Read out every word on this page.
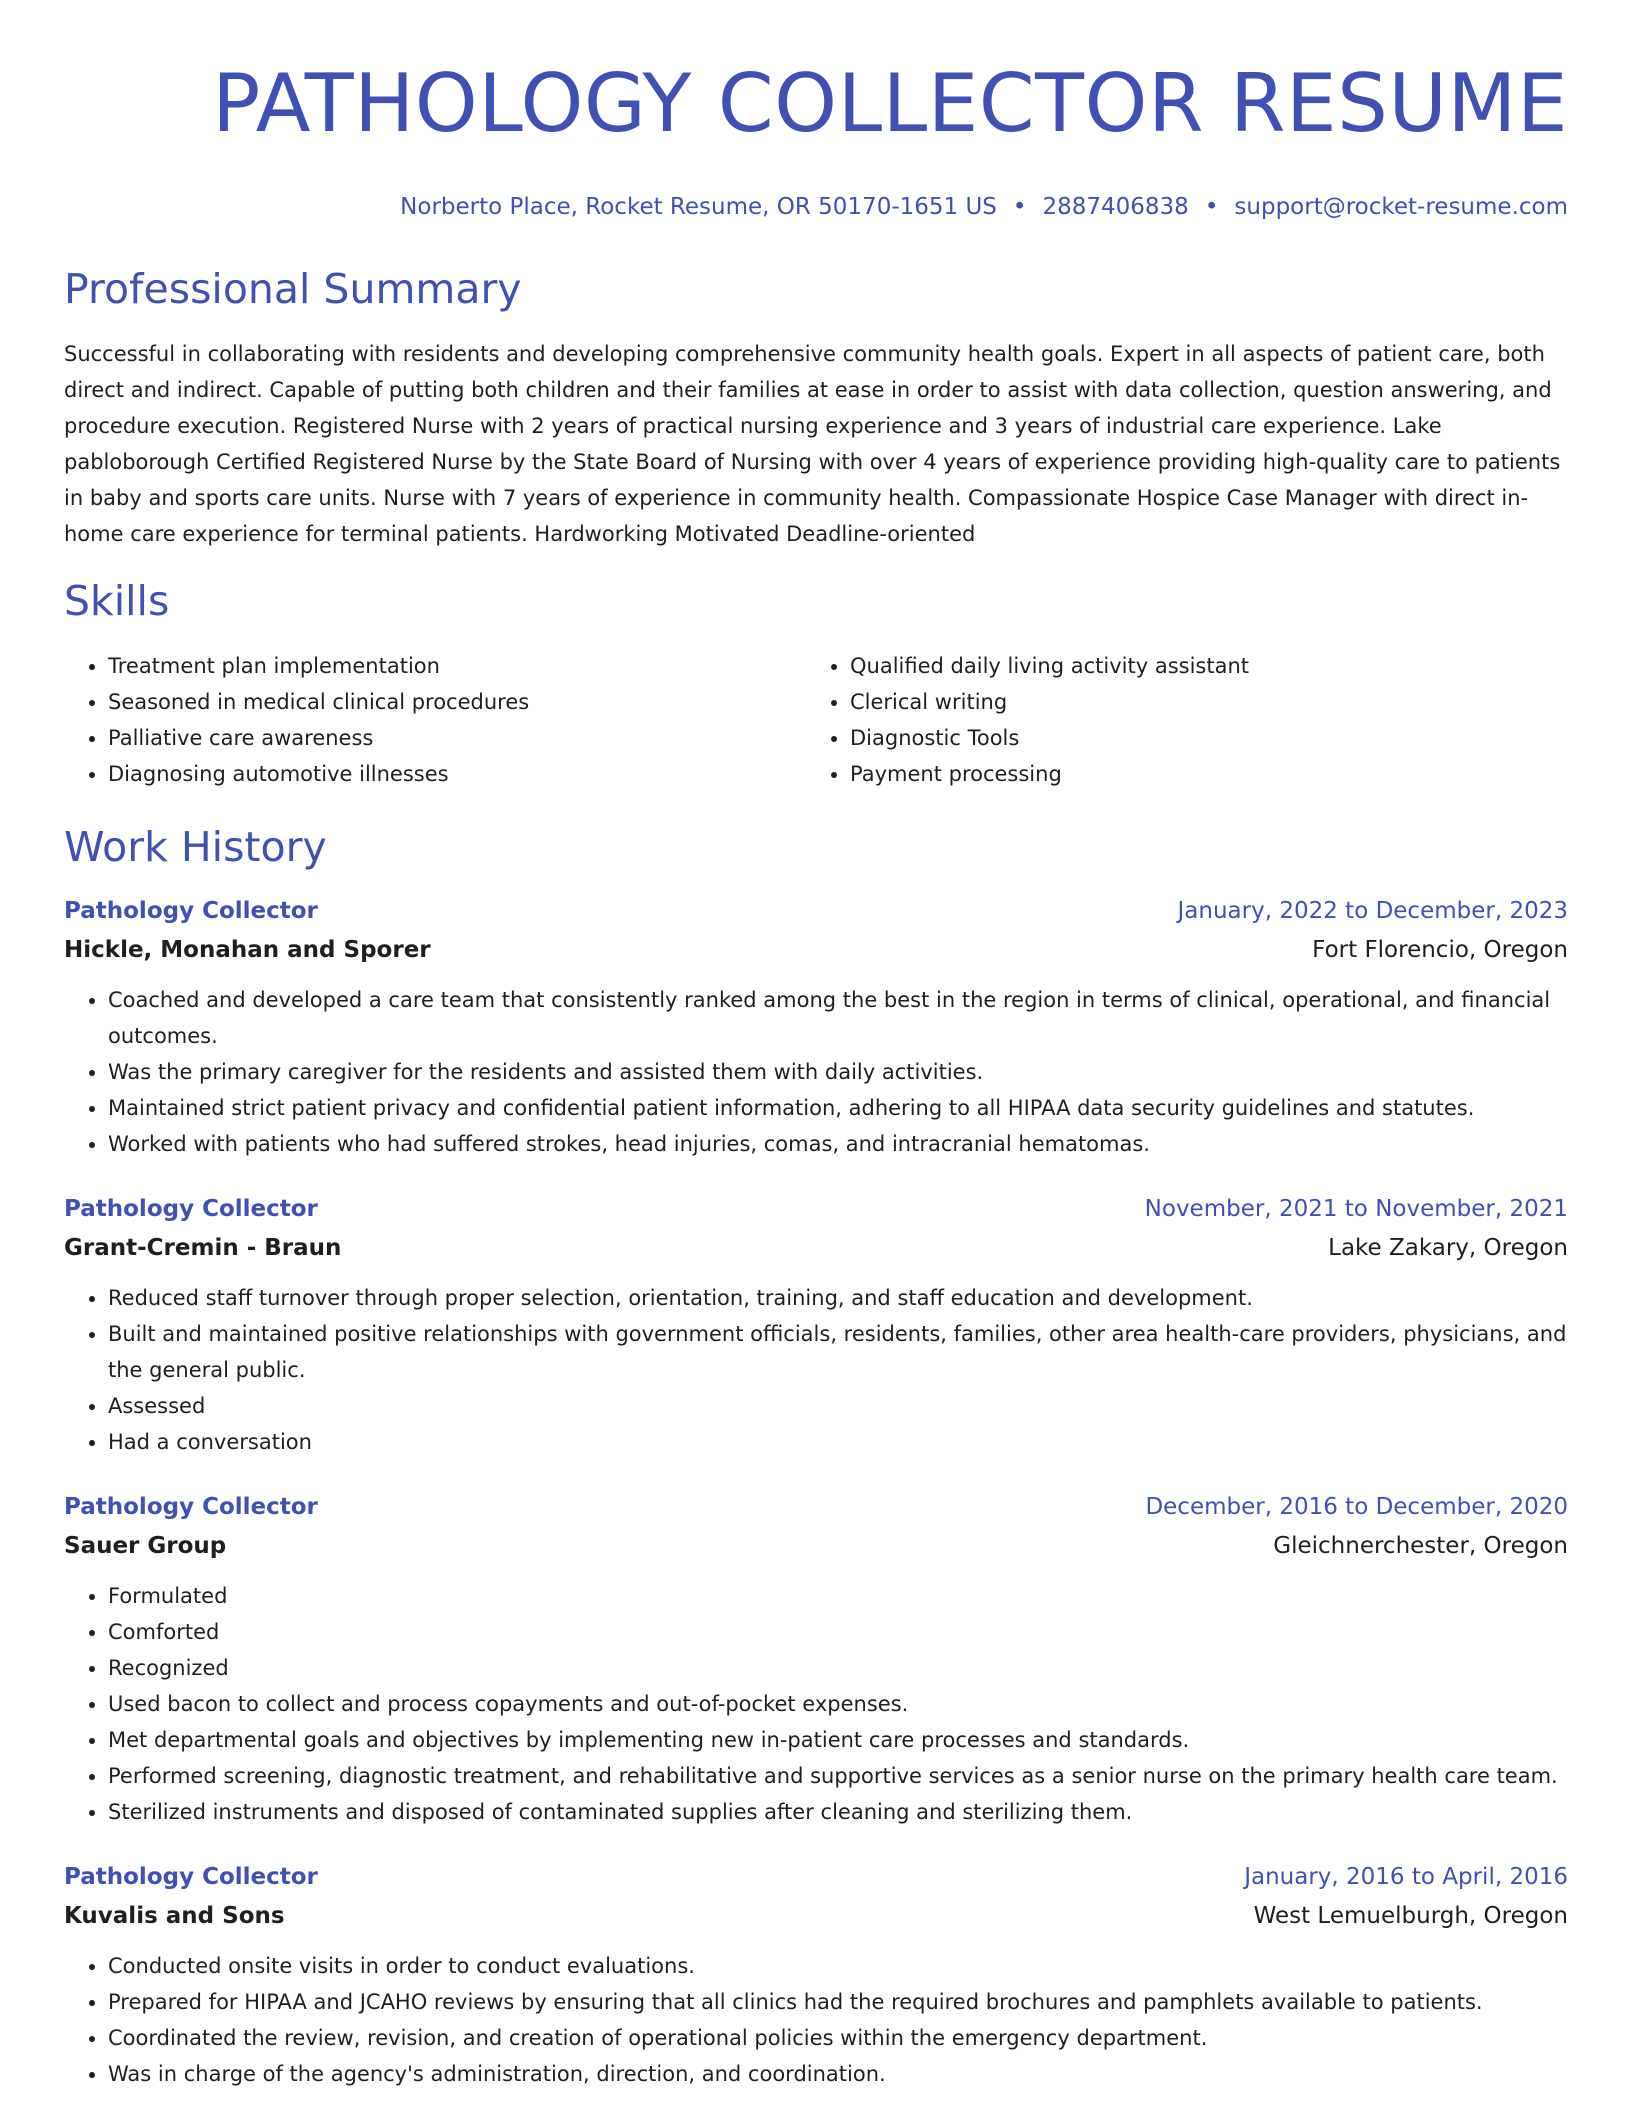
PATHOLOGY COLLECTOR RESUME
Norberto Place, Rocket Resume, OR 50170-1651 US • 2887406838 • support@rocket-resume.com
Professional Summary
Successful in collaborating with residents and developing comprehensive community health goals. Expert in all aspects of patient care, both direct and indirect. Capable of putting both children and their families at ease in order to assist with data collection, question answering, and procedure execution. Registered Nurse with 2 years of practical nursing experience and 3 years of industrial care experience. Lake pabloborough Certified Registered Nurse by the State Board of Nursing with over 4 years of experience providing high-quality care to patients in baby and sports care units. Nurse with 7 years of experience in community health. Compassionate Hospice Case Manager with direct in-home care experience for terminal patients. Hardworking Motivated Deadline-oriented
Skills
• Treatment plan implementation
• Seasoned in medical clinical procedures
• Palliative care awareness
• Diagnosing automotive illnesses
• Qualified daily living activity assistant
• Clerical writing
• Diagnostic Tools
• Payment processing
Work History
Pathology Collector	January, 2022 to December, 2023
Hickle, Monahan and Sporer	Fort Florencio, Oregon
• Coached and developed a care team that consistently ranked among the best in the region in terms of clinical, operational, and financial outcomes.
• Was the primary caregiver for the residents and assisted them with daily activities.
• Maintained strict patient privacy and confidential patient information, adhering to all HIPAA data security guidelines and statutes.
• Worked with patients who had suffered strokes, head injuries, comas, and intracranial hematomas.
Pathology Collector	November, 2021 to November, 2021
Grant-Cremin - Braun	Lake Zakary, Oregon
• Reduced staff turnover through proper selection, orientation, training, and staff education and development.
• Built and maintained positive relationships with government officials, residents, families, other area health-care providers, physicians, and the general public.
• Assessed
• Had a conversation
Pathology Collector	December, 2016 to December, 2020
Sauer Group	Gleichnerchester, Oregon
• Formulated
• Comforted
• Recognized
• Used bacon to collect and process copayments and out-of-pocket expenses.
• Met departmental goals and objectives by implementing new in-patient care processes and standards.
• Performed screening, diagnostic treatment, and rehabilitative and supportive services as a senior nurse on the primary health care team.
• Sterilized instruments and disposed of contaminated supplies after cleaning and sterilizing them.
Pathology Collector	January, 2016 to April, 2016
Kuvalis and Sons	West Lemuelburgh, Oregon
• Conducted onsite visits in order to conduct evaluations.
• Prepared for HIPAA and JCAHO reviews by ensuring that all clinics had the required brochures and pamphlets available to patients.
• Coordinated the review, revision, and creation of operational policies within the emergency department.
• Was in charge of the agency's administration, direction, and coordination.
